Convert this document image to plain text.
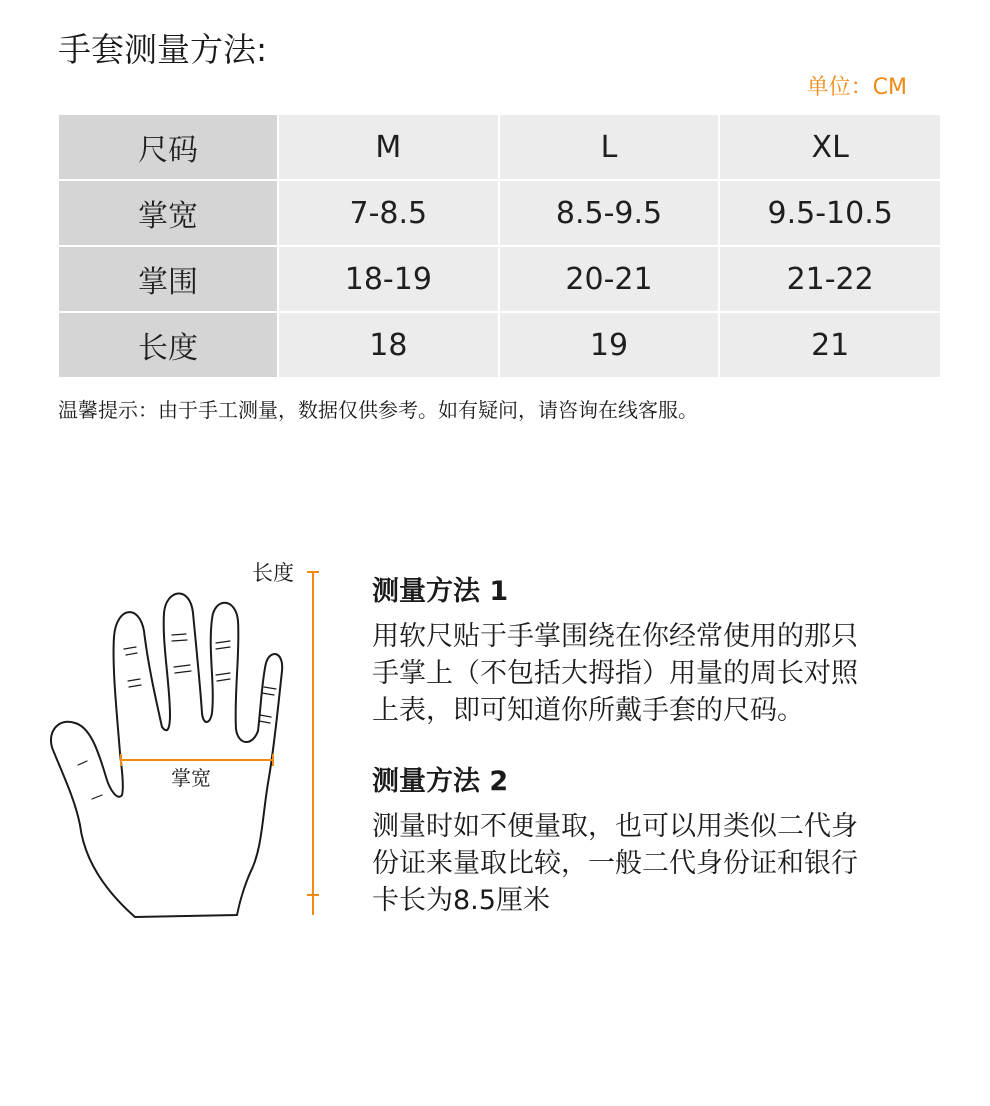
手套测量方法:
单位：CM
尺码	M	L	XL
掌宽	7-8.5	8.5-9.5	9.5-10.5
掌围	18-19	20-21	21-22
长度	18	19	21
温馨提示：由于手工测量，数据仅供参考。如有疑问，请咨询在线客服。
长度
掌宽
测量方法 1
用软尺贴于手掌围绕在你经常使用的那只
手掌上（不包括大拇指）用量的周长对照
上表，即可知道你所戴手套的尺码。
测量方法 2
测量时如不便量取，也可以用类似二代身
份证来量取比较，一般二代身份证和银行
卡长为8.5厘米
